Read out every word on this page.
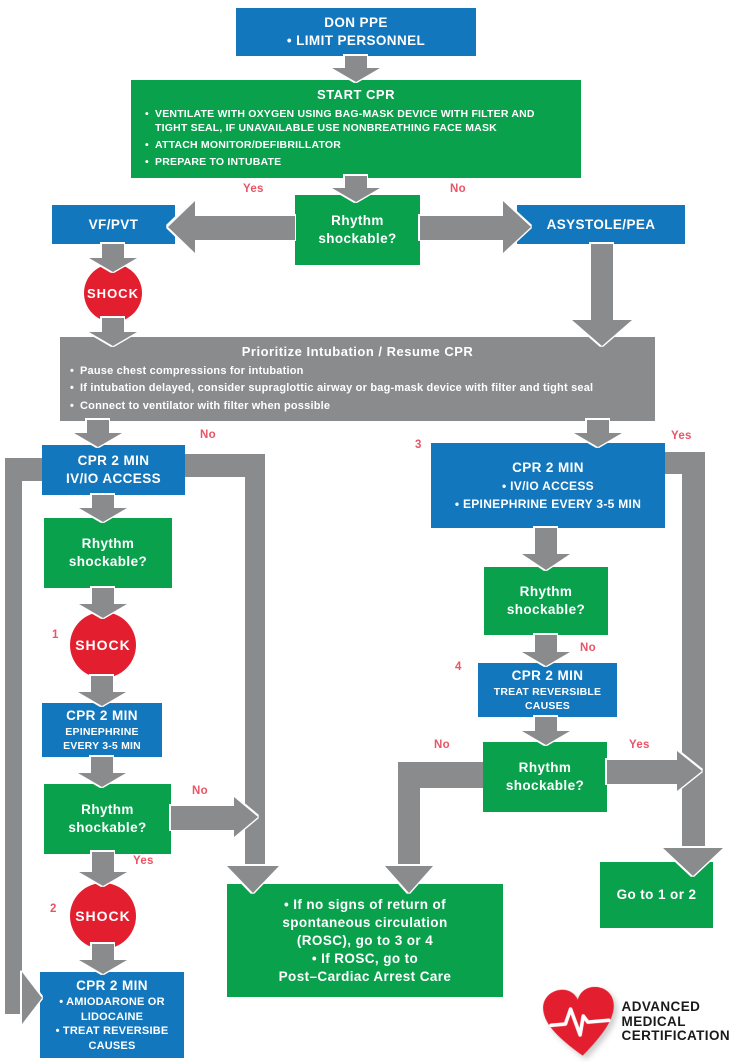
DON PPE
• LIMIT PERSONNEL
START CPR
• VENTILATE WITH OXYGEN USING BAG-MASK DEVICE WITH FILTER AND TIGHT SEAL, IF UNAVAILABLE USE NONBREATHING FACE MASK
• ATTACH MONITOR/DEFIBRILLATOR
• PREPARE TO INTUBATE
Yes	No
Rhythm
shockable?
VF/PVT	ASYSTOLE/PEA
SHOCK
Prioritize Intubation / Resume CPR
• Pause chest compressions for intubation
• If intubation delayed, consider supraglottic airway or bag-mask device with filter and tight seal
• Connect to ventilator with filter when possible
No
CPR 2 MIN
IV/IO ACCESS
Rhythm
shockable?
1
SHOCK
CPR 2 MIN
EPINEPHRINE
EVERY 3-5 MIN
Rhythm
shockable?
No
Yes
2 SHOCK
CPR 2 MIN
• AMIODARONE OR LIDOCAINE
• TREAT REVERSIBE CAUSES
3
Yes
CPR 2 MIN
• IV/IO ACCESS
• EPINEPHRINE EVERY 3-5 MIN
Rhythm
shockable?
No
4
CPR 2 MIN
TREAT REVERSIBLE
CAUSES
No	Yes
Rhythm
shockable?
• If no signs of return of
spontaneous circulation
(ROSC), go to 3 or 4
• If ROSC, go to
Post–Cardiac Arrest Care
Go to 1 or 2
ADVANCED
MEDICAL
CERTIFICATION
